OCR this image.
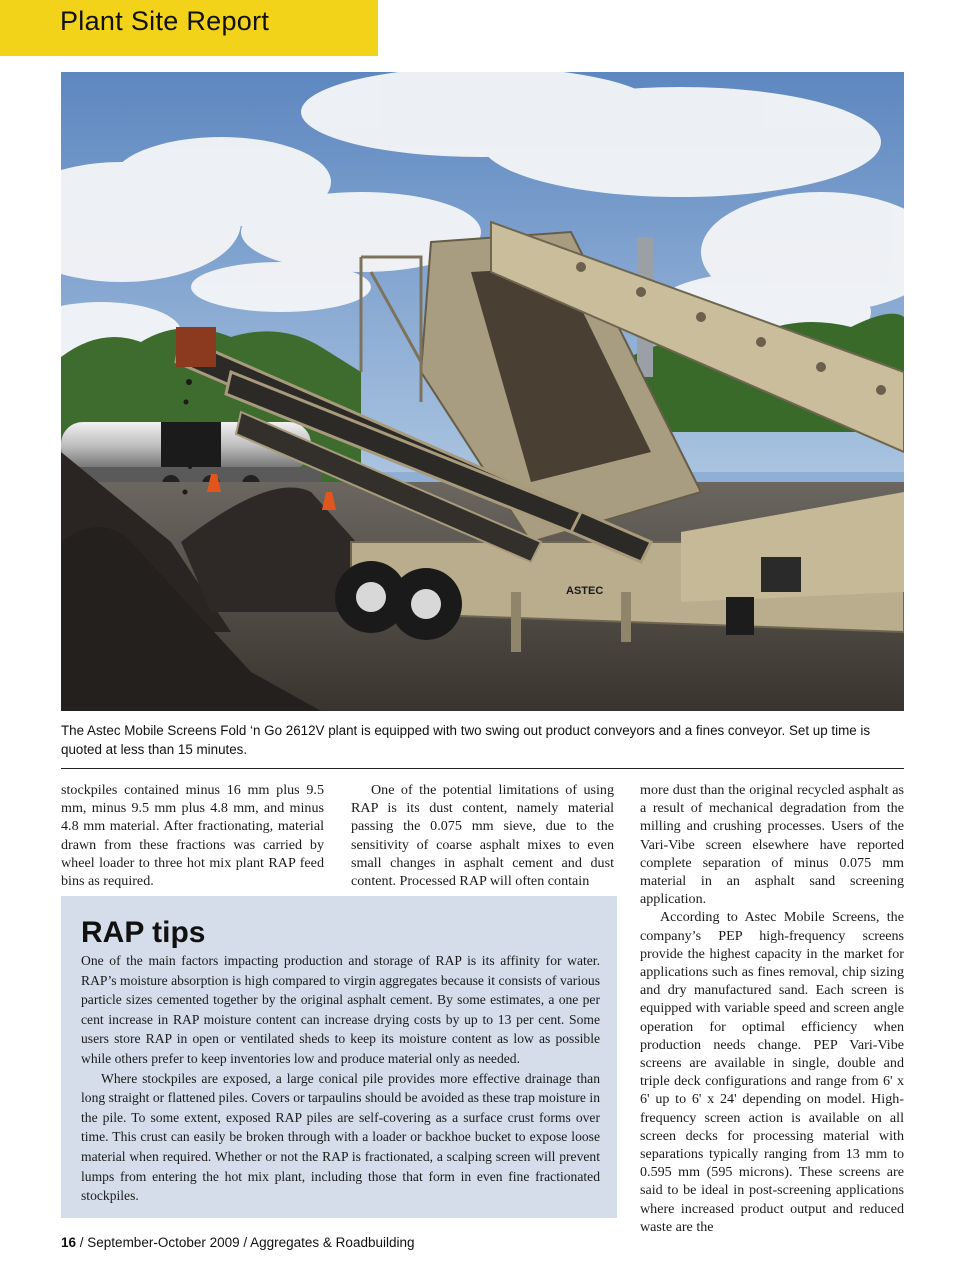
Plant Site Report
ASTEC
The Astec Mobile Screens Fold ‘n Go 2612V plant is equipped with two swing out product conveyors and a fines conveyor. Set up time is quoted at less than 15 minutes.

stockpiles contained minus 16 mm plus 9.5 mm, minus 9.5 mm plus 4.8 mm, and minus 4.8 mm material. After fractionating, material drawn from these fractions was carried by wheel loader to three hot mix plant RAP feed bins as required.

One of the potential limitations of using RAP is its dust content, namely material passing the 0.075 mm sieve, due to the sensitivity of coarse asphalt mixes to even small changes in asphalt cement and dust content. Processed RAP will often contain

more dust than the original recycled asphalt as a result of mechanical degradation from the milling and crushing processes. Users of the Vari-Vibe screen elsewhere have reported complete separation of minus 0.075 mm material in an asphalt sand screening application.

According to Astec Mobile Screens, the company’s PEP high-frequency screens provide the highest capacity in the market for applications such as fines removal, chip sizing and dry manufactured sand. Each screen is equipped with variable speed and screen angle operation for optimal efficiency when production needs change. PEP Vari-Vibe screens are available in single, double and triple deck configurations and range from 6' x 6' up to 6' x 24' depending on model. High-frequency screen action is available on all screen decks for processing material with separations typically ranging from 13 mm to 0.595 mm (595 microns). These screens are said to be ideal in post-screening applications where increased product output and reduced waste are the

RAP tips

One of the main factors impacting production and storage of RAP is its affinity for water. RAP’s moisture absorption is high compared to virgin aggregates because it consists of various particle sizes cemented together by the original asphalt cement. By some estimates, a one per cent increase in RAP moisture content can increase drying costs by up to 13 per cent. Some users store RAP in open or ventilated sheds to keep its moisture content as low as possible while others prefer to keep inventories low and produce material only as needed.

Where stockpiles are exposed, a large conical pile provides more effective drainage than long straight or flattened piles. Covers or tarpaulins should be avoided as these trap moisture in the pile. To some extent, exposed RAP piles are self-covering as a surface crust forms over time. This crust can easily be broken through with a loader or backhoe bucket to expose loose material when required. Whether or not the RAP is fractionated, a scalping screen will prevent lumps from entering the hot mix plant, including those that form in even fine fractionated stockpiles.

16 / September-October 2009 / Aggregates & Roadbuilding
